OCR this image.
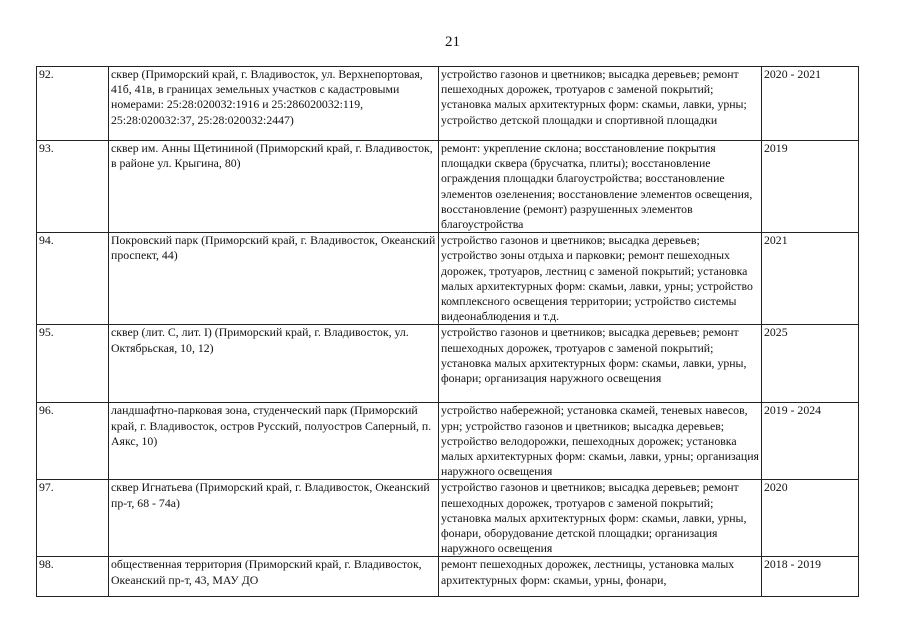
21
92.	сквер (Приморский край, г. Владивосток, ул. Верхнепортовая, 41б, 41в, в границах земельных участков с кадастровыми номерами: 25:28:020032:1916 и 25:286020032:119, 25:28:020032:37, 25:28:020032:2447)	устройство газонов и цветников; высадка деревьев; ремонт пешеходных дорожек, тротуаров с заменой покрытий; установка малых архитектурных форм: скамьи, лавки, урны; устройство детской площадки и спортивной площадки	2020 - 2021
93.	сквер им. Анны Щетининой (Приморский край, г. Владивосток, в районе ул. Крыгина, 80)	ремонт: укрепление склона; восстановление покрытия площадки сквера (брусчатка, плиты); восстановление ограждения площадки благоустройства; восстановление элементов озеленения; восстановление элементов освещения, восстановление (ремонт) разрушенных элементов благоустройства	2019
94.	Покровский парк (Приморский край, г. Владивосток, Океанский проспект, 44)	устройство газонов и цветников; высадка деревьев; устройство зоны отдыха и парковки; ремонт пешеходных дорожек, тротуаров, лестниц с заменой покрытий; установка малых архитектурных форм: скамьи, лавки, урны; устройство комплексного освещения территории; устройство системы видеонаблюдения и т.д.	2021
95.	сквер (лит. С, лит. I) (Приморский край, г. Владивосток, ул. Октябрьская, 10, 12)	устройство газонов и цветников; высадка деревьев; ремонт пешеходных дорожек, тротуаров с заменой покрытий; установка малых архитектурных форм: скамьи, лавки, урны, фонари; организация наружного освещения	2025
96.	ландшафтно-парковая зона, студенческий парк (Приморский край, г. Владивосток, остров Русский, полуостров Саперный, п. Аякс, 10)	устройство набережной; установка скамей, теневых навесов, урн; устройство газонов и цветников; высадка деревьев; устройство велодорожки, пешеходных дорожек; установка малых архитектурных форм: скамьи, лавки, урны; организация наружного освещения	2019 - 2024
97.	сквер Игнатьева (Приморский край, г. Владивосток, Океанский пр-т, 68 - 74а)	устройство газонов и цветников; высадка деревьев; ремонт пешеходных дорожек, тротуаров с заменой покрытий; установка малых архитектурных форм: скамьи, лавки, урны, фонари, оборудование детской площадки; организация наружного освещения	2020
98.	общественная территория (Приморский край, г. Владивосток, Океанский пр-т, 43, МАУ ДО	ремонт пешеходных дорожек, лестницы, установка малых архитектурных форм: скамьи, урны, фонари,	2018 - 2019
